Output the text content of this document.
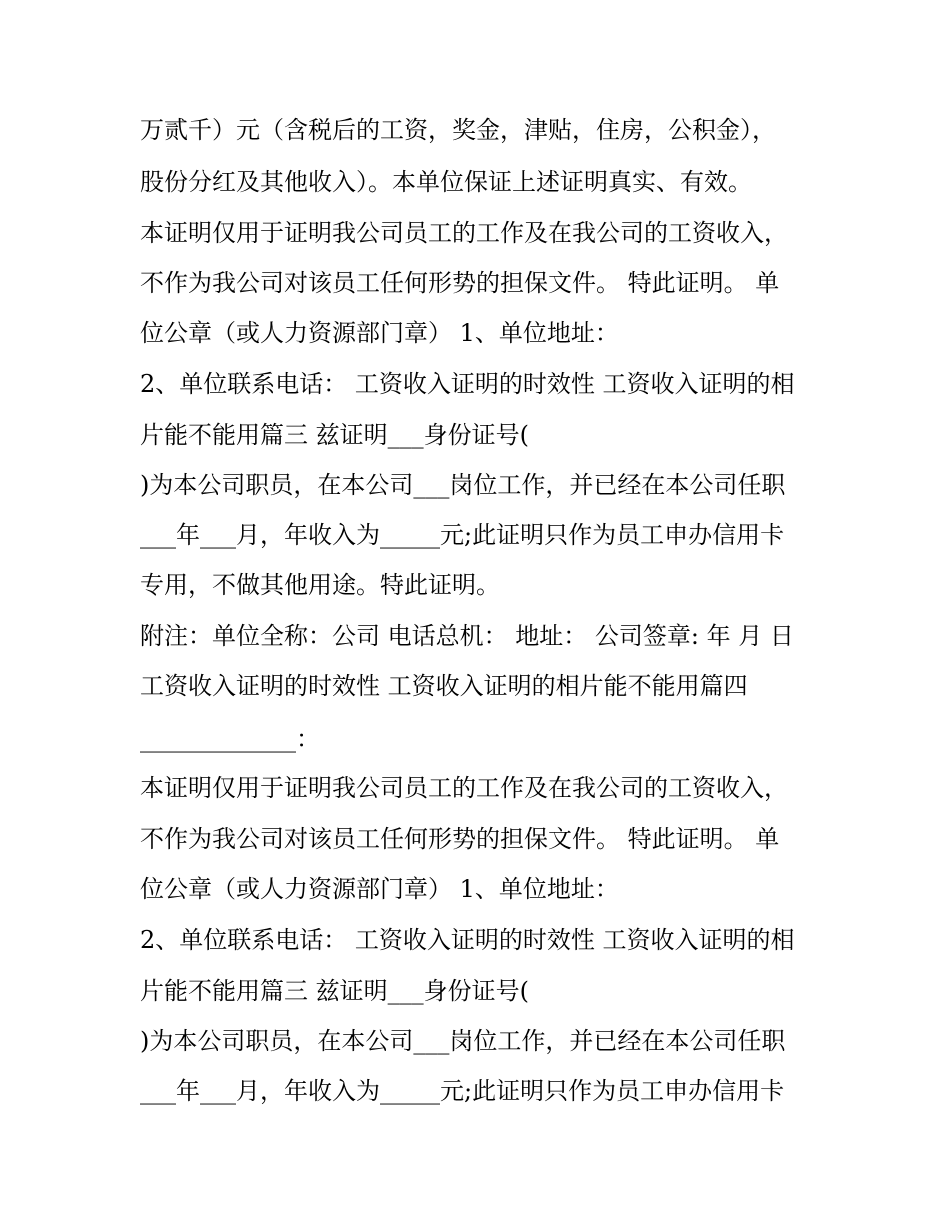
万贰千）元（含税后的工资，奖金，津贴，住房，公积金），

股份分红及其他收入）。本单位保证上述证明真实、有效。

本证明仅用于证明我公司员工的工作及在我公司的工资收入，

不作为我公司对该员工任何形势的担保文件。 特此证明。 单

位公章（或人力资源部门章） 1、单位地址：

2、单位联系电话： 工资收入证明的时效性 工资收入证明的相

片能不能用篇三 兹证明___身份证号(

)为本公司职员，在本公司___岗位工作，并已经在本公司任职

___年___月，年收入为_____元;此证明只作为员工申办信用卡

专用，不做其他用途。特此证明。

附注：单位全称：公司 电话总机： 地址： 公司签章: 年 月 日

工资收入证明的时效性 工资收入证明的相片能不能用篇四

_____________：

本证明仅用于证明我公司员工的工作及在我公司的工资收入，

不作为我公司对该员工任何形势的担保文件。 特此证明。 单

位公章（或人力资源部门章） 1、单位地址：

2、单位联系电话： 工资收入证明的时效性 工资收入证明的相

片能不能用篇三 兹证明___身份证号(

)为本公司职员，在本公司___岗位工作，并已经在本公司任职

___年___月，年收入为_____元;此证明只作为员工申办信用卡
